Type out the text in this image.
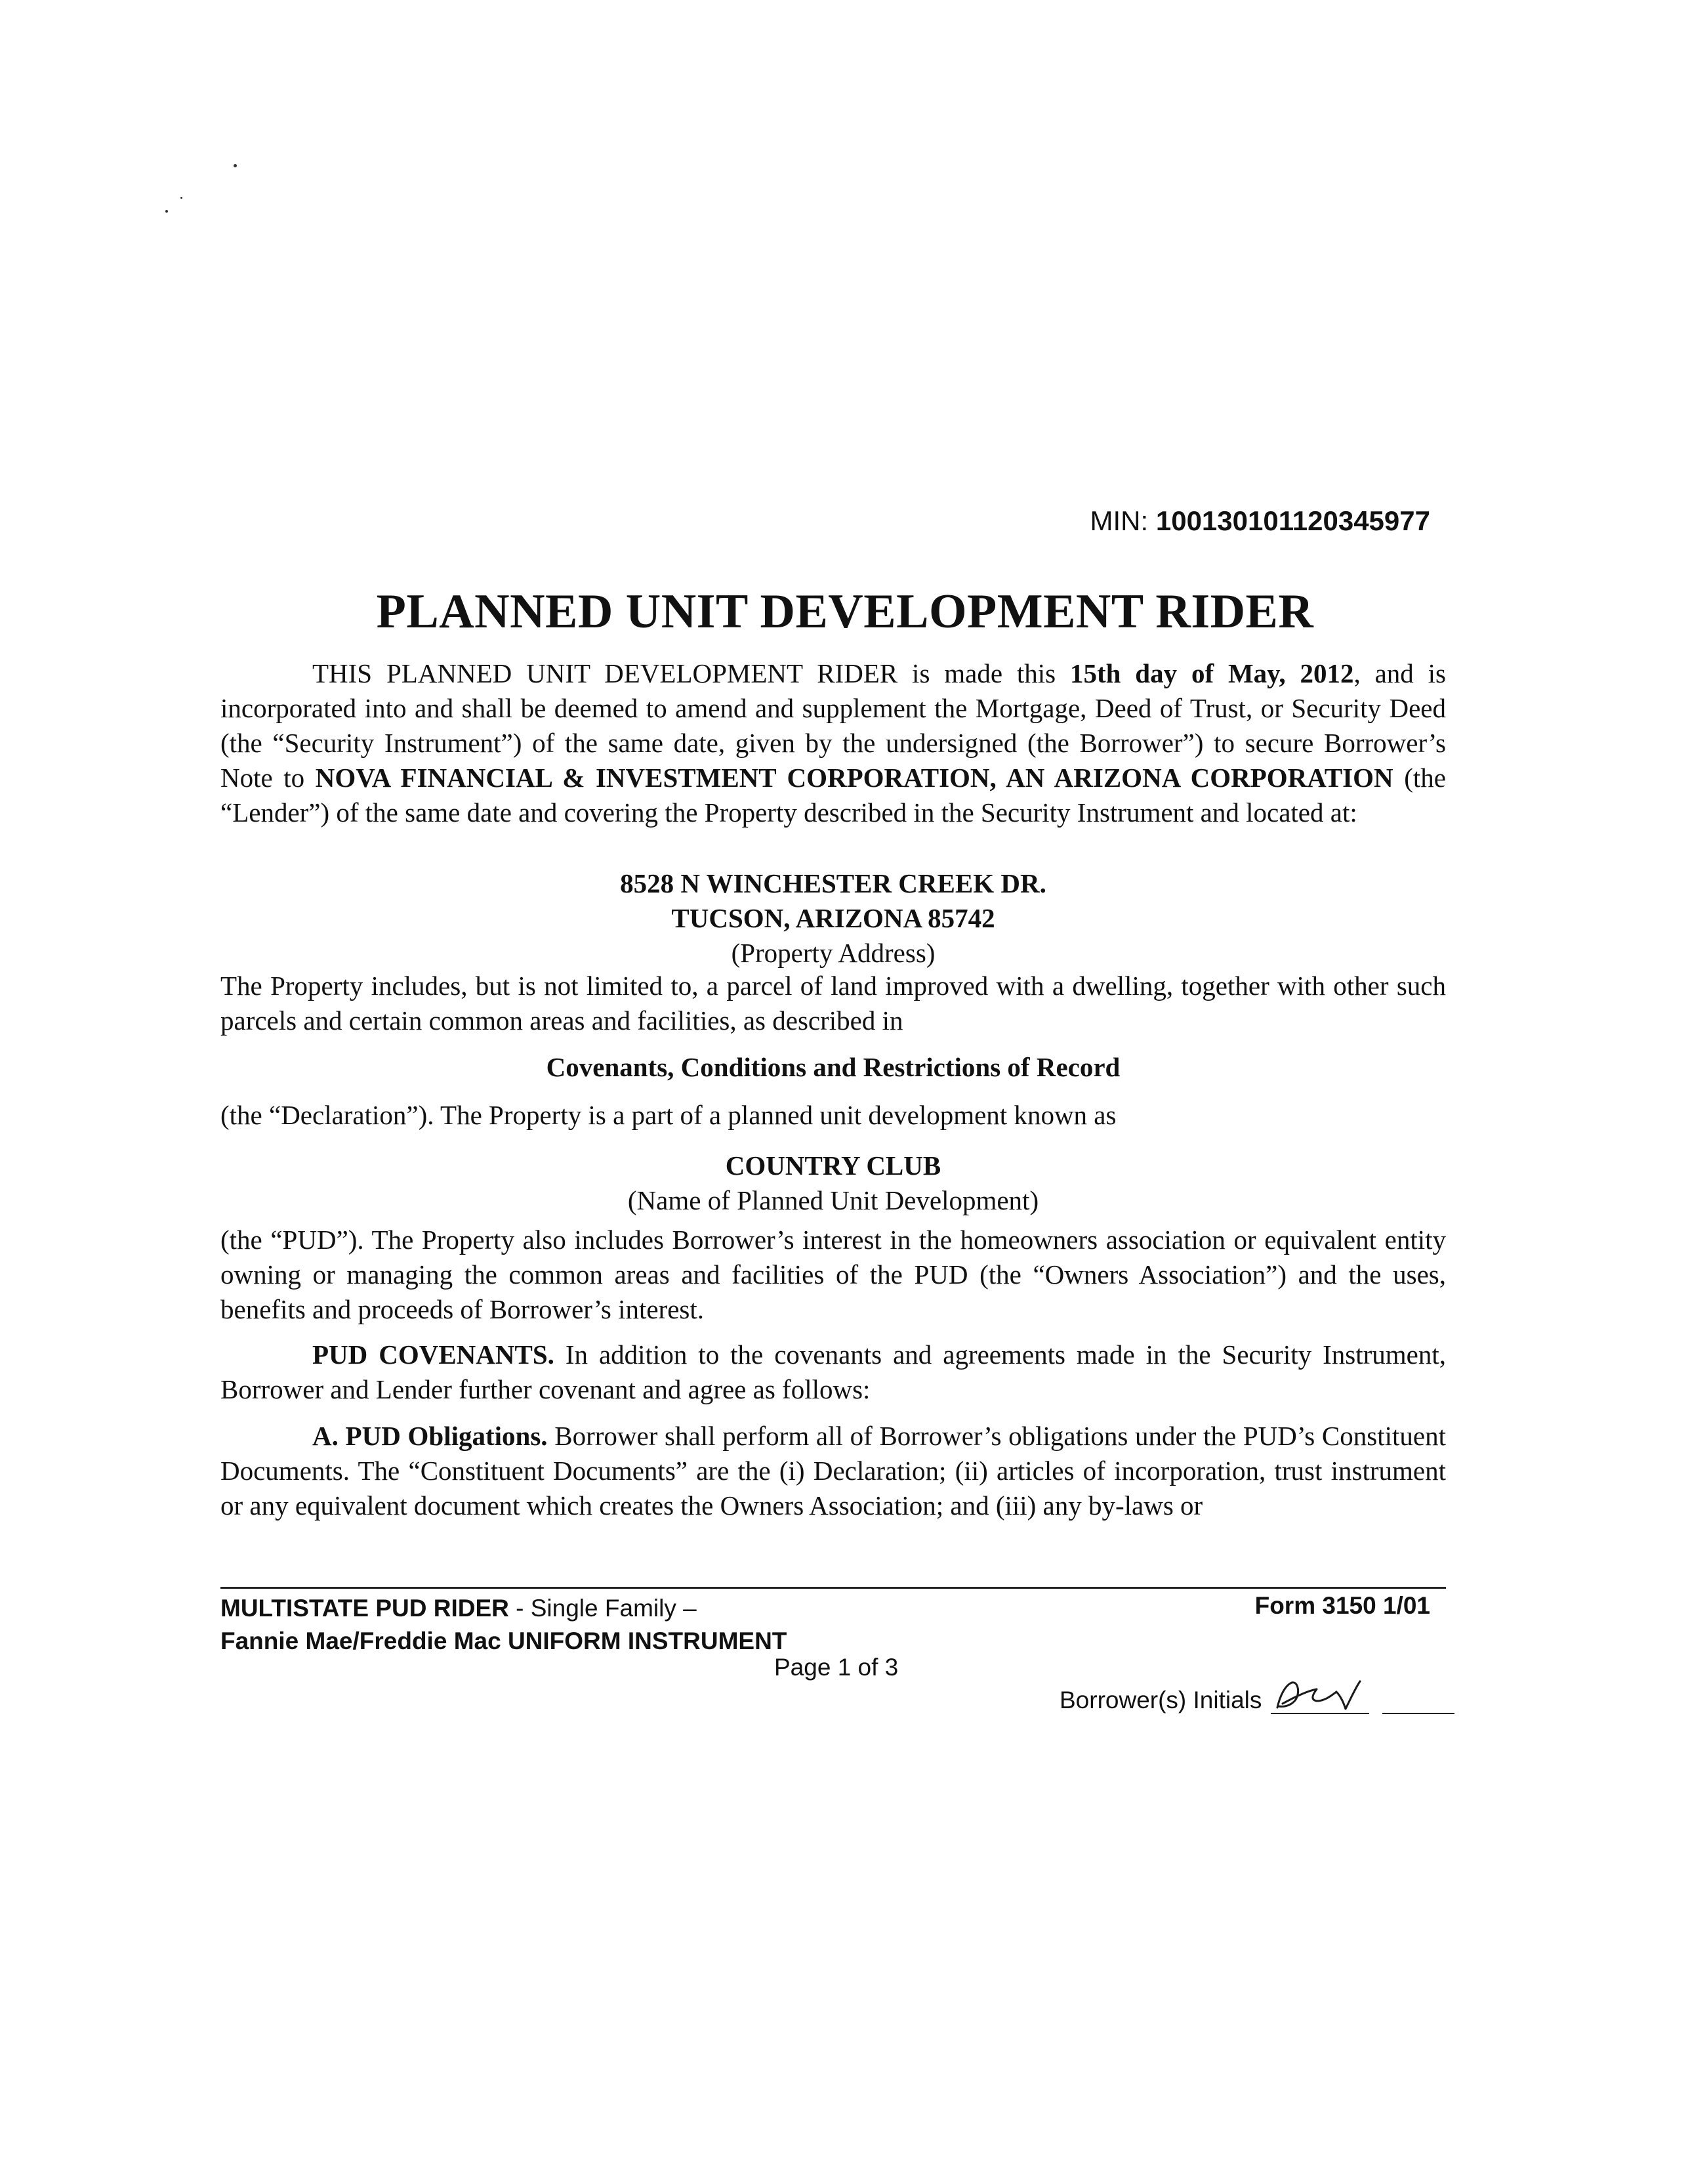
MIN: 100130101120345977
PLANNED UNIT DEVELOPMENT RIDER

THIS PLANNED UNIT DEVELOPMENT RIDER is made this 15th day of May, 2012, and is incorporated into and shall be deemed to amend and supplement the Mortgage, Deed of Trust, or Security Deed (the “Security Instrument”) of the same date, given by the undersigned (the Borrower”) to secure Borrower’s Note to NOVA FINANCIAL & INVESTMENT CORPORATION, AN ARIZONA CORPORATION (the “Lender”) of the same date and covering the Property described in the Security Instrument and located at:

8528 N WINCHESTER CREEK DR.
TUCSON, ARIZONA 85742
(Property Address)

The Property includes, but is not limited to, a parcel of land improved with a dwelling, together with other such parcels and certain common areas and facilities, as described in

Covenants, Conditions and Restrictions of Record

(the “Declaration”). The Property is a part of a planned unit development known as

COUNTRY CLUB
(Name of Planned Unit Development)

(the “PUD”). The Property also includes Borrower’s interest in the homeowners association or equivalent entity owning or managing the common areas and facilities of the PUD (the “Owners Association”) and the uses, benefits and proceeds of Borrower’s interest.

PUD COVENANTS. In addition to the covenants and agreements made in the Security Instrument, Borrower and Lender further covenant and agree as follows:

A. PUD Obligations. Borrower shall perform all of Borrower’s obligations under the PUD’s Constituent Documents. The “Constituent Documents” are the (i) Declaration; (ii) articles of incorporation, trust instrument or any equivalent document which creates the Owners Association; and (iii) any by-laws or

MULTISTATE PUD RIDER - Single Family –
Fannie Mae/Freddie Mac UNIFORM INSTRUMENT
Form 3150 1/01
Page 1 of 3
Borrower(s) Initials
